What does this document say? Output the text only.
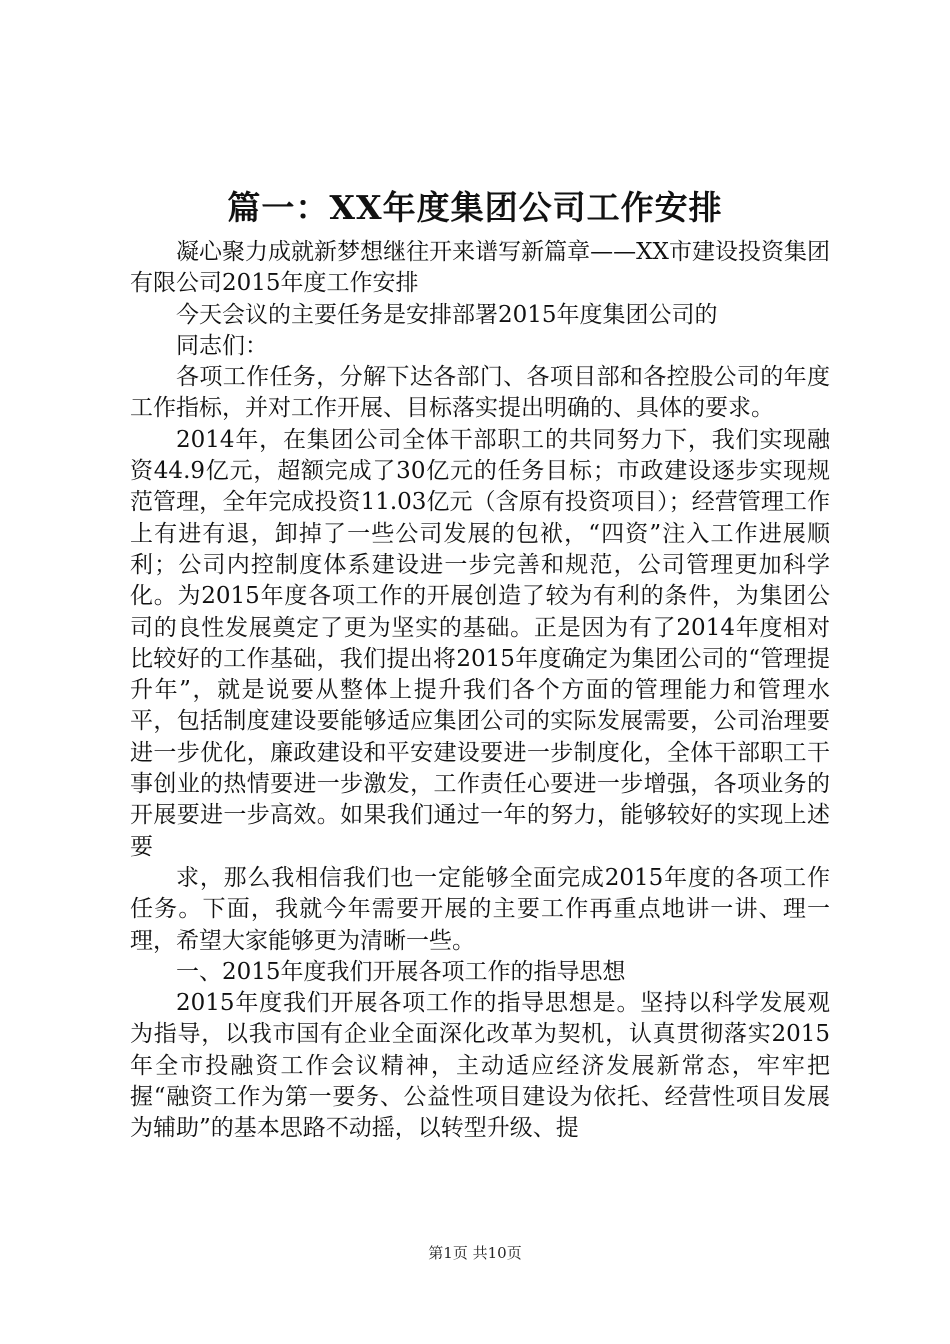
篇一：XX年度集团公司工作安排

凝心聚力成就新梦想继往开来谱写新篇章——XX市建设投资集团有限公司2015年度工作安排

今天会议的主要任务是安排部署2015年度集团公司的

同志们：

各项工作任务，分解下达各部门、各项目部和各控股公司的年度工作指标，并对工作开展、目标落实提出明确的、具体的要求。

2014年，在集团公司全体干部职工的共同努力下，我们实现融资44.9亿元，超额完成了30亿元的任务目标；市政建设逐步实现规范管理，全年完成投资11.03亿元（含原有投资项目）；经营管理工作上有进有退，卸掉了一些公司发展的包袱，“四资”注入工作进展顺利；公司内控制度体系建设进一步完善和规范，公司管理更加科学化。为2015年度各项工作的开展创造了较为有利的条件，为集团公司的良性发展奠定了更为坚实的基础。正是因为有了2014年度相对比较好的工作基础，我们提出将2015年度确定为集团公司的“管理提升年”，就是说要从整体上提升我们各个方面的管理能力和管理水平，包括制度建设要能够适应集团公司的实际发展需要，公司治理要进一步优化，廉政建设和平安建设要进一步制度化，全体干部职工干事创业的热情要进一步激发，工作责任心要进一步增强，各项业务的开展要进一步高效。如果我们通过一年的努力，能够较好的实现上述要

求，那么我相信我们也一定能够全面完成2015年度的各项工作任务。下面，我就今年需要开展的主要工作再重点地讲一讲、理一理，希望大家能够更为清晰一些。

一、2015年度我们开展各项工作的指导思想

2015年度我们开展各项工作的指导思想是。坚持以科学发展观为指导，以我市国有企业全面深化改革为契机，认真贯彻落实2015年全市投融资工作会议精神，主动适应经济发展新常态，牢牢把握“融资工作为第一要务、公益性项目建设为依托、经营性项目发展为辅助”的基本思路不动摇，以转型升级、提

第1页 共10页
